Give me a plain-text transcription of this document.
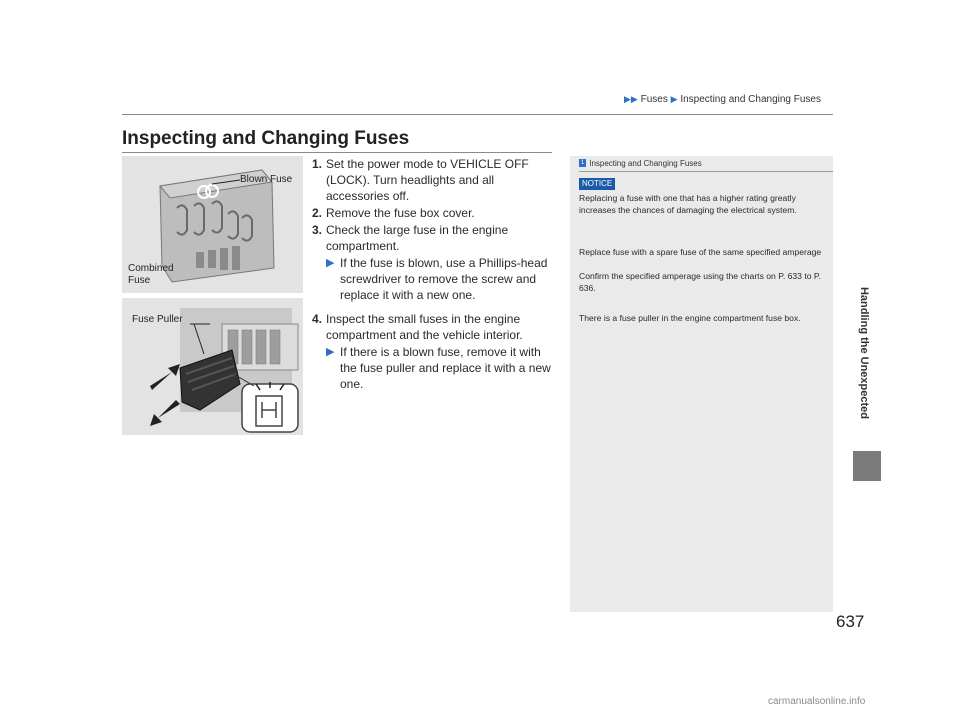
▶▶ Fuses ▶ Inspecting and Changing Fuses
Inspecting and Changing Fuses
Blown Fuse
Combined
Fuse
Fuse Puller
1. Set the power mode to VEHICLE OFF (LOCK). Turn headlights and all accessories off.
2. Remove the fuse box cover.
3. Check the large fuse in the engine compartment.
▶ If the fuse is blown, use a Phillips-head screwdriver to remove the screw and replace it with a new one.
4. Inspect the small fuses in the engine compartment and the vehicle interior.
▶ If there is a blown fuse, remove it with the fuse puller and replace it with a new one.
1 Inspecting and Changing Fuses
NOTICE
Replacing a fuse with one that has a higher rating greatly increases the chances of damaging the electrical system.
Replace fuse with a spare fuse of the same specified amperage
Confirm the specified amperage using the charts on P. 633 to P. 636.
There is a fuse puller in the engine compartment fuse box.	Handling the Unexpected
637
carmanualsonline.info
